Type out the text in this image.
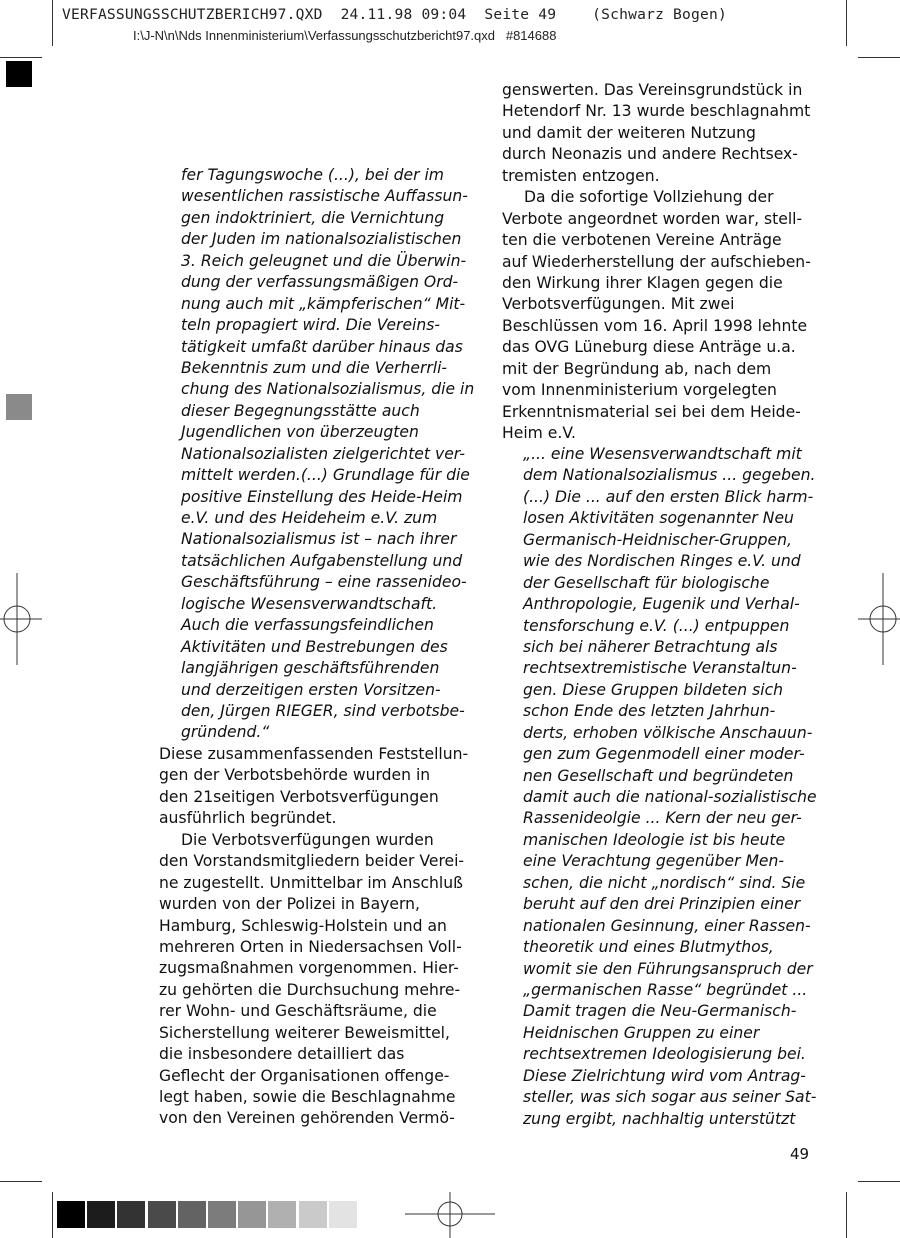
VERFASSUNGSSCHUTZBERICH97.QXD  24.11.98 09:04  Seite 49    (Schwarz Bogen)
I:\J-N\n\Nds Innenministerium\Verfassungsschutzbericht97.qxd   #814688
fer Tagungswoche (...), bei der im
wesentlichen rassistische Auffassun-
gen indoktriniert, die Vernichtung
der Juden im nationalsozialistischen
3. Reich geleugnet und die Überwin-
dung der verfassungsmäßigen Ord-
nung auch mit „kämpferischen“ Mit-
teln propagiert wird. Die Vereins-
tätigkeit umfaßt darüber hinaus das
Bekenntnis zum und die Verherrli-
chung des Nationalsozialismus, die in
dieser Begegnungsstätte auch
Jugendlichen von überzeugten
Nationalsozialisten zielgerichtet ver-
mittelt werden.(...) Grundlage für die
positive Einstellung des Heide-Heim
e.V. und des Heideheim e.V. zum
Nationalsozialismus ist – nach ihrer
tatsächlichen Aufgabenstellung und
Geschäftsführung – eine rassenideo-
logische Wesensverwandtschaft.
Auch die verfassungsfeindlichen
Aktivitäten und Bestrebungen des
langjährigen geschäftsführenden
und derzeitigen ersten Vorsitzen-
den, Jürgen RIEGER, sind verbotsbe-
gründend.“
Diese zusammenfassenden Feststellun-
gen der Verbotsbehörde wurden in
den 21seitigen Verbotsverfügungen
ausführlich begründet.
Die Verbotsverfügungen wurden
den Vorstandsmitgliedern beider Verei-
ne zugestellt. Unmittelbar im Anschluß
wurden von der Polizei in Bayern,
Hamburg, Schleswig-Holstein und an
mehreren Orten in Niedersachsen Voll-
zugsmaßnahmen vorgenommen. Hier-
zu gehörten die Durchsuchung mehre-
rer Wohn- und Geschäftsräume, die
Sicherstellung weiterer Beweismittel,
die insbesondere detailliert das
Geflecht der Organisationen offenge-
legt haben, sowie die Beschlagnahme
von den Vereinen gehörenden Vermö-
genswerten. Das Vereinsgrundstück in
Hetendorf Nr. 13 wurde beschlagnahmt
und damit der weiteren Nutzung
durch Neonazis und andere Rechtsex-
tremisten entzogen.
Da die sofortige Vollziehung der
Verbote angeordnet worden war, stell-
ten die verbotenen Vereine Anträge
auf Wiederherstellung der aufschieben-
den Wirkung ihrer Klagen gegen die
Verbotsverfügungen. Mit zwei
Beschlüssen vom 16. April 1998 lehnte
das OVG Lüneburg diese Anträge u.a.
mit der Begründung ab, nach dem
vom Innenministerium vorgelegten
Erkenntnismaterial sei bei dem Heide-
Heim e.V.
„... eine Wesensverwandtschaft mit
dem Nationalsozialismus ... gegeben.
(...) Die ... auf den ersten Blick harm-
losen Aktivitäten sogenannter Neu
Germanisch-Heidnischer-Gruppen,
wie des Nordischen Ringes e.V. und
der Gesellschaft für biologische
Anthropologie, Eugenik und Verhal-
tensforschung e.V. (...) entpuppen
sich bei näherer Betrachtung als
rechtsextremistische Veranstaltun-
gen. Diese Gruppen bildeten sich
schon Ende des letzten Jahrhun-
derts, erhoben völkische Anschauun-
gen zum Gegenmodell einer moder-
nen Gesellschaft und begründeten
damit auch die national-sozialistische
Rassenideolgie ... Kern der neu ger-
manischen Ideologie ist bis heute
eine Verachtung gegenüber Men-
schen, die nicht „nordisch“ sind. Sie
beruht auf den drei Prinzipien einer
nationalen Gesinnung, einer Rassen-
theoretik und eines Blutmythos,
womit sie den Führungsanspruch der
„germanischen Rasse“ begründet ...
Damit tragen die Neu-Germanisch-
Heidnischen Gruppen zu einer
rechtsextremen Ideologisierung bei.
Diese Zielrichtung wird vom Antrag-
steller, was sich sogar aus seiner Sat-
zung ergibt, nachhaltig unterstützt
49
